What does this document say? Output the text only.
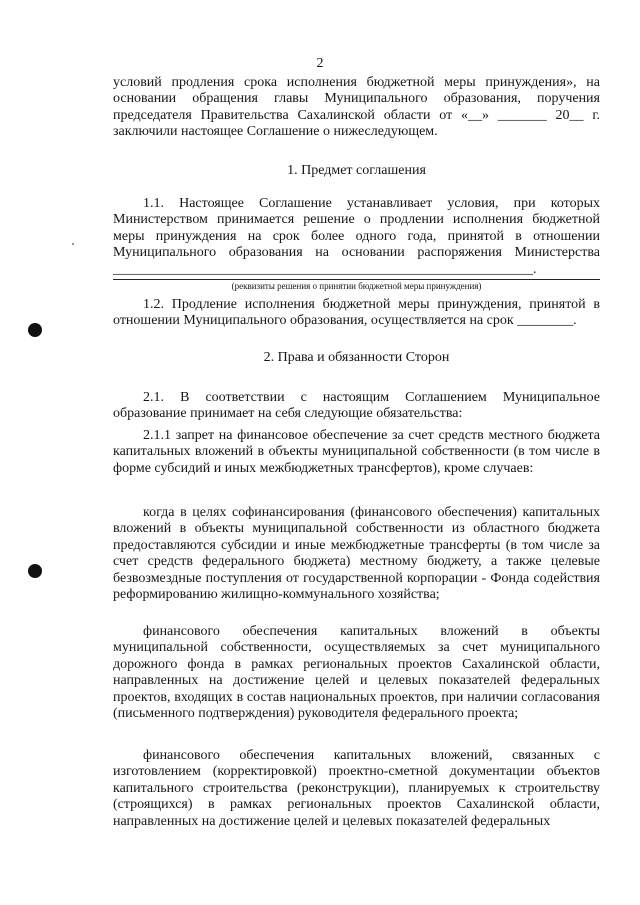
2
условий продления срока исполнения бюджетной меры принуждения», на основании обращения главы Муниципального образования, поручения председателя Правительства Сахалинской области от «__» _______ 20__ г. заключили настоящее Соглашение о нижеследующем.
1. Предмет соглашения
1.1. Настоящее Соглашение устанавливает условия, при которых Министерством принимается решение о продлении исполнения бюджетной меры принуждения на срок более одного года, принятой в отношении Муниципального образования на основании распоряжения Министерства ____________________________________________________________.
(реквизиты решения о принятии бюджетной меры принуждения)
1.2. Продление исполнения бюджетной меры принуждения, принятой в отношении Муниципального образования, осуществляется на срок ________.
2. Права и обязанности Сторон
2.1. В соответствии с настоящим Соглашением Муниципальное образование принимает на себя следующие обязательства:
2.1.1 запрет на финансовое обеспечение за счет средств местного бюджета капитальных вложений в объекты муниципальной собственности (в том числе в форме субсидий и иных межбюджетных трансфертов), кроме случаев:
когда в целях софинансирования (финансового обеспечения) капитальных вложений в объекты муниципальной собственности из областного бюджета предоставляются субсидии и иные межбюджетные трансферты (в том числе за счет средств федерального бюджета) местному бюджету, а также целевые безвозмездные поступления от государственной корпорации - Фонда содействия реформированию жилищно-коммунального хозяйства;
финансового обеспечения капитальных вложений в объекты муниципальной собственности, осуществляемых за счет муниципального дорожного фонда в рамках региональных проектов Сахалинской области, направленных на достижение целей и целевых показателей федеральных проектов, входящих в состав национальных проектов, при наличии согласования (письменного подтверждения) руководителя федерального проекта;
финансового обеспечения капитальных вложений, связанных с изготовлением (корректировкой) проектно-сметной документации объектов капитального строительства (реконструкции), планируемых к строительству (строящихся) в рамках региональных проектов Сахалинской области, направленных на достижение целей и целевых показателей федеральных
